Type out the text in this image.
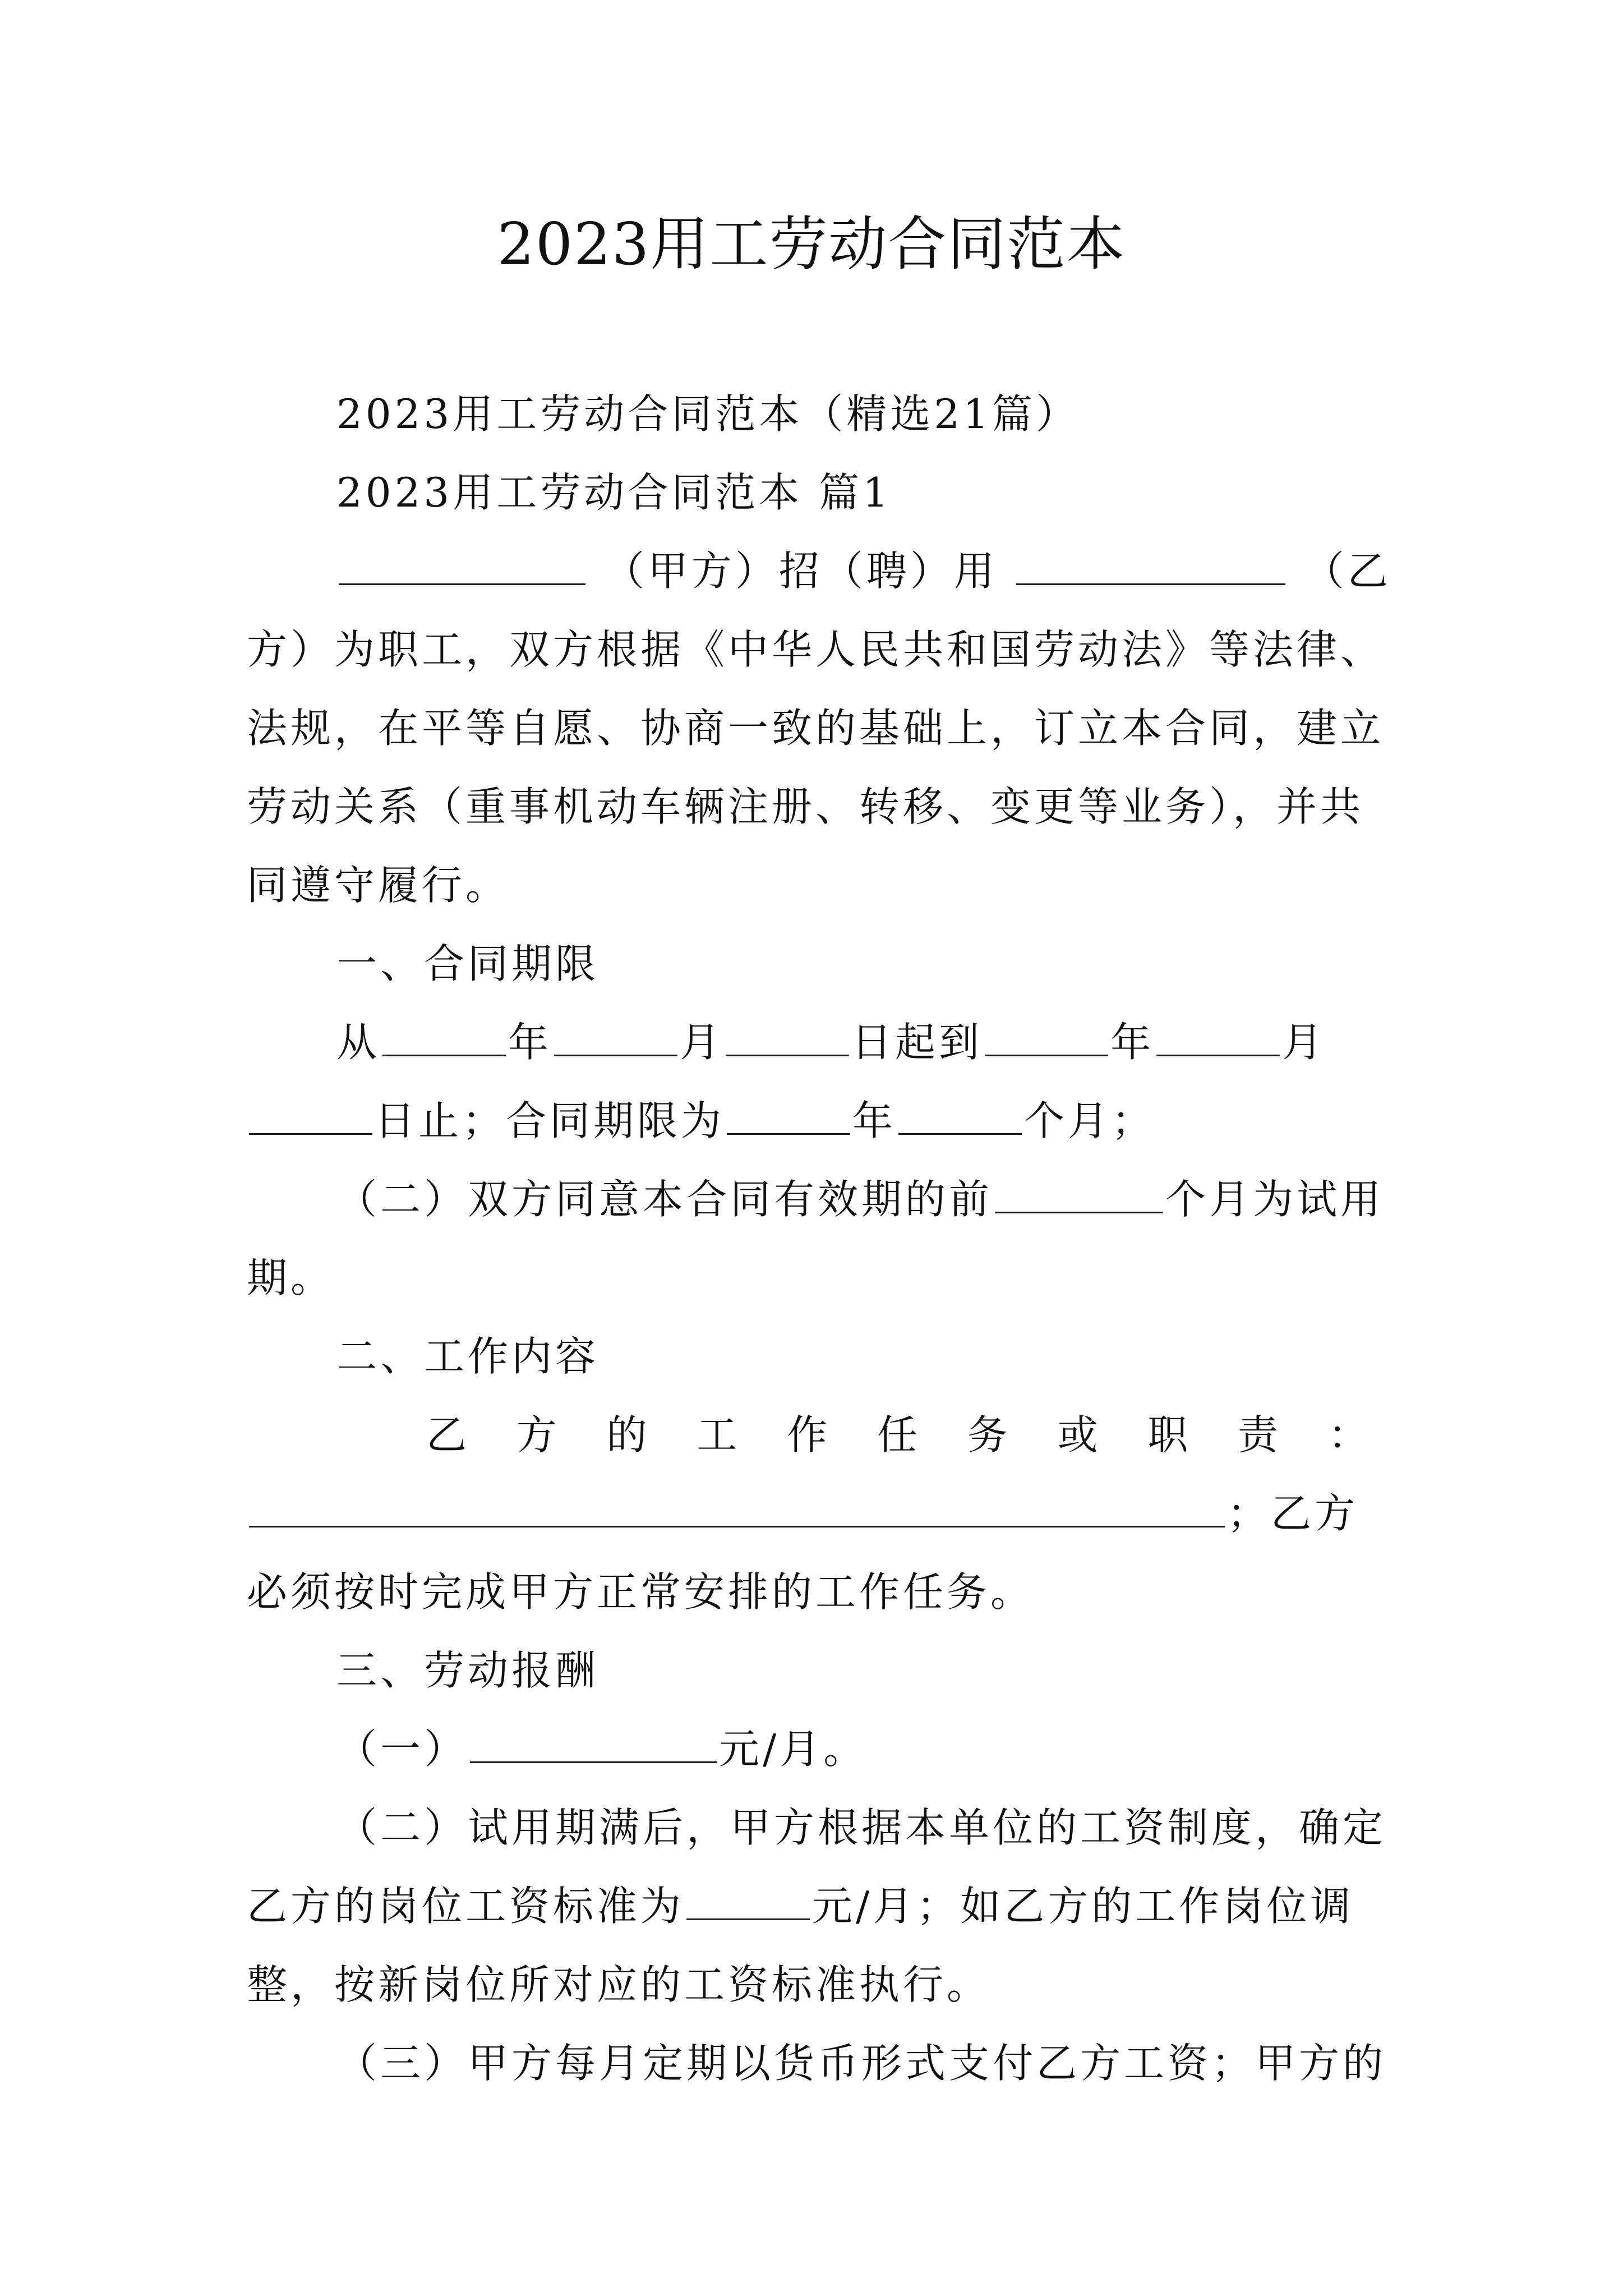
2023用工劳动合同范本
2023用工劳动合同范本（精选21篇）
2023用工劳动合同范本 篇1
（甲方）招（聘）用	（乙
方）为职工，双方根据《中华人民共和国劳动法》等法律、
法规，在平等自愿、协商一致的基础上，订立本合同，建立
劳动关系（重事机动车辆注册、转移、变更等业务），并共
同遵守履行。
一、合同期限
从	年	月	日起到	年	月
日止；合同期限为	年	个月；
（二）双方同意本合同有效期的前	个月为试用
期。
二、工作内容
乙 方 的 工 作 任 务 或 职 责 ：
；乙方
必须按时完成甲方正常安排的工作任务。
三、劳动报酬
（一）	元/月。
（二）试用期满后，甲方根据本单位的工资制度，确定
乙方的岗位工资标准为	元/月；如乙方的工作岗位调
整，按新岗位所对应的工资标准执行。
（三）甲方每月定期以货币形式支付乙方工资；甲方的
